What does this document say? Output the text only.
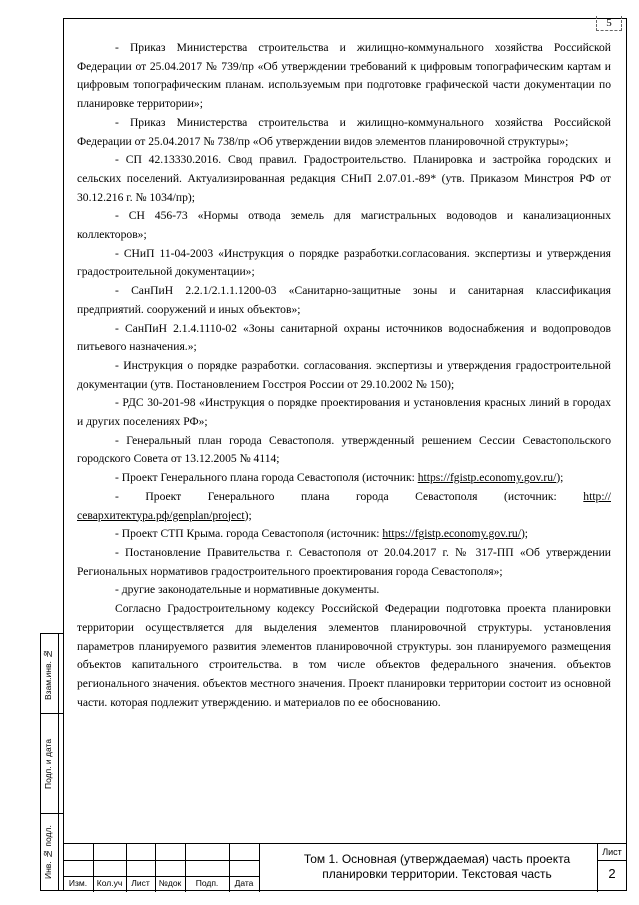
5
Взам.инв. №
Подп. и дата
Инв. № подл.

- Приказ Министерства строительства и жилищно-коммунального хозяйства Российской Федерации от 25.04.2017 № 739/пр «Об утверждении требований к цифровым топографическим картам и цифровым топографическим планам. используемым при подготовке графической части документации по планировке территории»;

- Приказ Министерства строительства и жилищно-коммунального хозяйства Российской Федерации от 25.04.2017 № 738/пр «Об утверждении видов элементов планировочной структуры»;

- СП 42.13330.2016. Свод правил. Градостроительство. Планировка и застройка городских и сельских поселений. Актуализированная редакция СНиП 2.07.01.-89* (утв. Приказом Минстроя РФ от 30.12.216 г. № 1034/пр);

- СН 456-73 «Нормы отвода земель для магистральных водоводов и канализационных коллекторов»;

- СНиП 11-04-2003 «Инструкция о порядке разработки.согласования. экспертизы и утверждения градостроительной документации»;

- СанПиН 2.2.1/2.1.1.1200-03 «Санитарно-защитные зоны и санитарная классификация предприятий. сооружений и иных объектов»;

- СанПиН 2.1.4.1110-02 «Зоны санитарной охраны источников водоснабжения и водопроводов питьевого назначения.»;

- Инструкция о порядке разработки. согласования. экспертизы и утверждения градостроительной документации (утв. Постановлением Госстроя России от 29.10.2002 № 150);

- РДС 30-201-98 «Инструкция о порядке проектирования и установления красных линий в городах и других поселениях РФ»;

- Генеральный план города Севастополя. утвержденный решением Сессии Севастопольского городского Совета от 13.12.2005 № 4114;

- Проект Генерального плана города Севастополя (источник: https://fgistp.economy.gov.ru/);

- Проект Генерального плана города Севастополя (источник: http://севархитектура.рф/genplan/project);

- Проект СТП Крыма. города Севастополя (источник: https://fgistp.economy.gov.ru/);

- Постановление Правительства г. Севастополя от 20.04.2017 г. № 317-ПП «Об утверждении Региональных нормативов градостроительного проектирования города Севастополя»;

- другие законодательные и нормативные документы.

Согласно Градостроительному кодексу Российской Федерации подготовка проекта планировки территории осуществляется для выделения элементов планировочной структуры. установления параметров планируемого развития элементов планировочной структуры. зон планируемого размещения объектов капитального строительства. в том числе объектов федерального значения. объектов регионального значения. объектов местного значения. Проект планировки территории состоит из основной части. которая подлежит утверждению. и материалов по ее обоснованию.

Изм.	Кол.уч	Лист	№док	Подп.	Дата
Том 1. Основная (утверждаемая) часть проекта планировки территории. Текстовая часть
Лист
2
